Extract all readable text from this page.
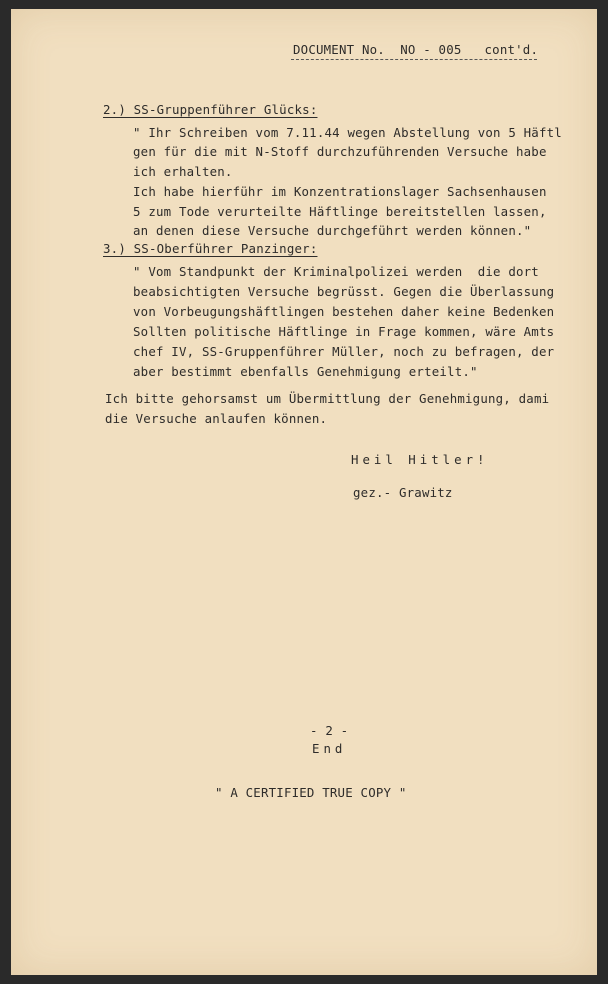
DOCUMENT No.  NO - 005   cont'd.
2.) SS-Gruppenführer Glücks:
" Ihr Schreiben vom 7.11.44 wegen Abstellung von 5 Häftl
gen für die mit N-Stoff durchzuführenden Versuche habe
ich erhalten.
Ich habe hierführ im Konzentrationslager Sachsenhausen
5 zum Tode verurteilte Häftlinge bereitstellen lassen,
an denen diese Versuche durchgeführt werden können."
3.) SS-Oberführer Panzinger:
" Vom Standpunkt der Kriminalpolizei werden  die dort
beabsichtigten Versuche begrüsst. Gegen die Überlassung
von Vorbeugungshäftlingen bestehen daher keine Bedenken
Sollten politische Häftlinge in Frage kommen, wäre Amts
chef IV, SS-Gruppenführer Müller, noch zu befragen, der
aber bestimmt ebenfalls Genehmigung erteilt."
Ich bitte gehorsamst um Übermittlung der Genehmigung, dami
die Versuche anlaufen können.
Heil Hitler!
gez.- Grawitz
- 2 -
End
" A CERTIFIED TRUE COPY "
